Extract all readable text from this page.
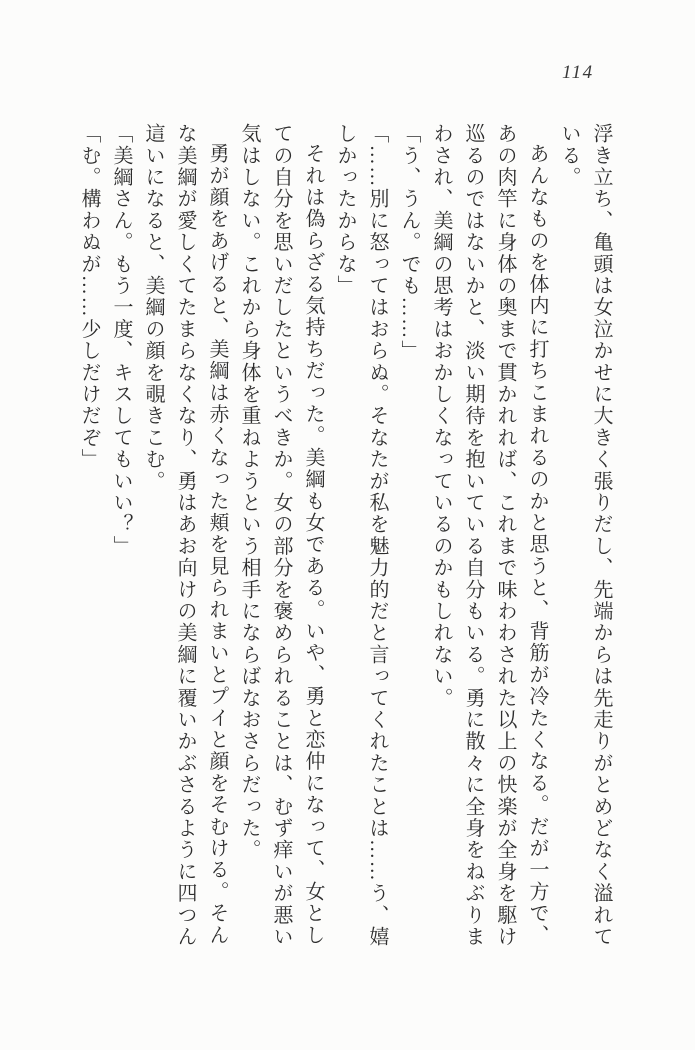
114

浮き立ち、亀頭は女泣かせに大きく張りだし、先端からは先走りがとめどなく溢れている。

あんなものを体内に打ちこまれるのかと思うと、背筋が冷たくなる。だが一方で、あの肉竿に身体の奥まで貫かれれば、これまで味わわされた以上の快楽が全身を駆け巡るのではないかと、淡い期待を抱いている自分もいる。勇に散々に全身をねぶりまわされ、美綱の思考はおかしくなっているのかもしれない。

「う、うん。でも……」

「……別に怒ってはおらぬ。そなたが私を魅力的だと言ってくれたことは……う、嬉しかったからな」

それは偽らざる気持ちだった。美綱も女である。いや、勇と恋仲になって、女としての自分を思いだしたというべきか。女の部分を褒められることは、むず痒いが悪い気はしない。これから身体を重ねようという相手にならばなおさらだった。

勇が顔をあげると、美綱は赤くなった頬を見られまいとプイと顔をそむける。そんな美綱が愛しくてたまらなくなり、勇はあお向けの美綱に覆いかぶさるように四つん這いになると、美綱の顔を覗きこむ。

「美綱さん。もう一度、キスしてもいい？」

「む。構わぬが……少しだけだぞ」
